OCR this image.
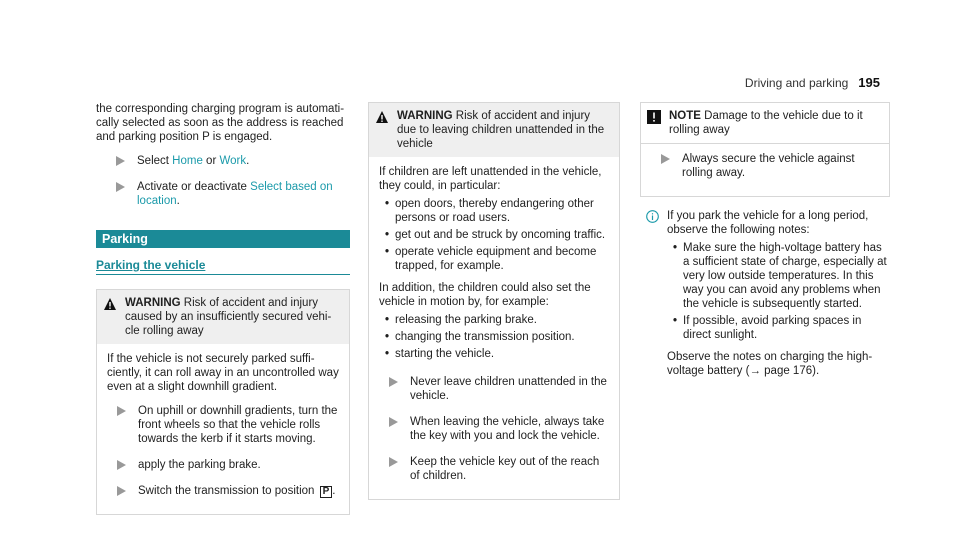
Driving and parking 195

the corresponding charging program is automatically selected as soon as the address is reached and parking position P is engaged.

Select Home or Work.
Activate or deactivate Select based on location.
Parking
Parking the vehicle
WARNING Risk of accident and injury caused by an insufficiently secured vehicle rolling away

If the vehicle is not securely parked sufficiently, it can roll away in an uncontrolled way even at a slight downhill gradient.

On uphill or downhill gradients, turn the front wheels so that the vehicle rolls towards the kerb if it starts moving.
apply the parking brake.
Switch the transmission to position P .
WARNING Risk of accident and injury due to leaving children unattended in the vehicle

If children are left unattended in the vehicle, they could, in particular:

• open doors, thereby endangering other persons or road users.
• get out and be struck by oncoming traffic.
• operate vehicle equipment and become trapped, for example.

In addition, the children could also set the vehicle in motion by, for example:

• releasing the parking brake.
• changing the transmission position.
• starting the vehicle.
Never leave children unattended in the vehicle.
When leaving the vehicle, always take the key with you and lock the vehicle.
Keep the vehicle key out of the reach of children.
NOTE Damage to the vehicle due to it rolling away
Always secure the vehicle against rolling away.

If you park the vehicle for a long period, observe the following notes:

• Make sure the high-voltage battery has a sufficient state of charge, especially at very low outside temperatures. In this way you can avoid any problems when the vehicle is subsequently started.
• If possible, avoid parking spaces in direct sunlight.

Observe the notes on charging the high-voltage battery (→ page 176).
